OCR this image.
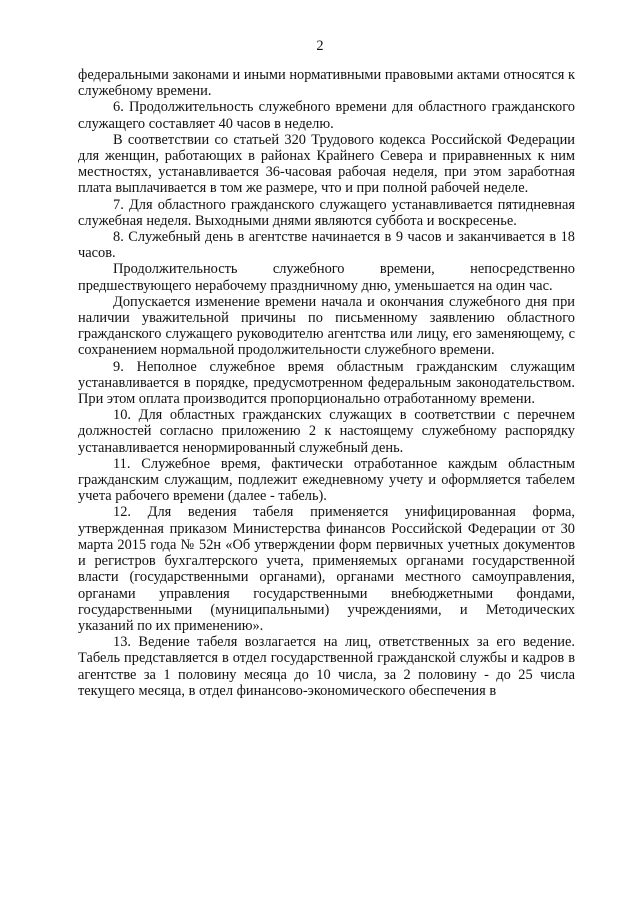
2

федеральными законами и иными нормативными правовыми актами относятся к служебному времени.

6. Продолжительность служебного времени для областного гражданского служащего составляет 40 часов в неделю.

В соответствии со статьей 320 Трудового кодекса Российской Федерации для женщин, работающих в районах Крайнего Севера и приравненных к ним местностях, устанавливается 36-часовая рабочая неделя, при этом заработная плата выплачивается в том же размере, что и при полной рабочей неделе.

7. Для областного гражданского служащего устанавливается пятидневная служебная неделя. Выходными днями являются суббота и воскресенье.

8. Служебный день в агентстве начинается в 9 часов и заканчивается в 18 часов.

Продолжительность служебного времени, непосредственно предшествующего нерабочему праздничному дню, уменьшается на один час.

Допускается изменение времени начала и окончания служебного дня при наличии уважительной причины по письменному заявлению областного гражданского служащего руководителю агентства или лицу, его заменяющему, с сохранением нормальной продолжительности служебного времени.

9. Неполное служебное время областным гражданским служащим устанавливается в порядке, предусмотренном федеральным законодательством. При этом оплата производится пропорционально отработанному времени.

10. Для областных гражданских служащих в соответствии с перечнем должностей согласно приложению 2 к настоящему служебному распорядку устанавливается ненормированный служебный день.

11. Служебное время, фактически отработанное каждым областным гражданским служащим, подлежит ежедневному учету и оформляется табелем учета рабочего времени (далее - табель).

12. Для ведения табеля применяется унифицированная форма, утвержденная приказом Министерства финансов Российской Федерации от 30 марта 2015 года № 52н «Об утверждении форм первичных учетных документов и регистров бухгалтерского учета, применяемых органами государственной власти (государственными органами), органами местного самоуправления, органами управления государственными внебюджетными фондами, государственными (муниципальными) учреждениями, и Методических указаний по их применению».

13. Ведение табеля возлагается на лиц, ответственных за его ведение. Табель представляется в отдел государственной гражданской службы и кадров в агентстве за 1 половину месяца до 10 числа, за 2 половину - до 25 числа текущего месяца, в отдел финансово-экономического обеспечения в
